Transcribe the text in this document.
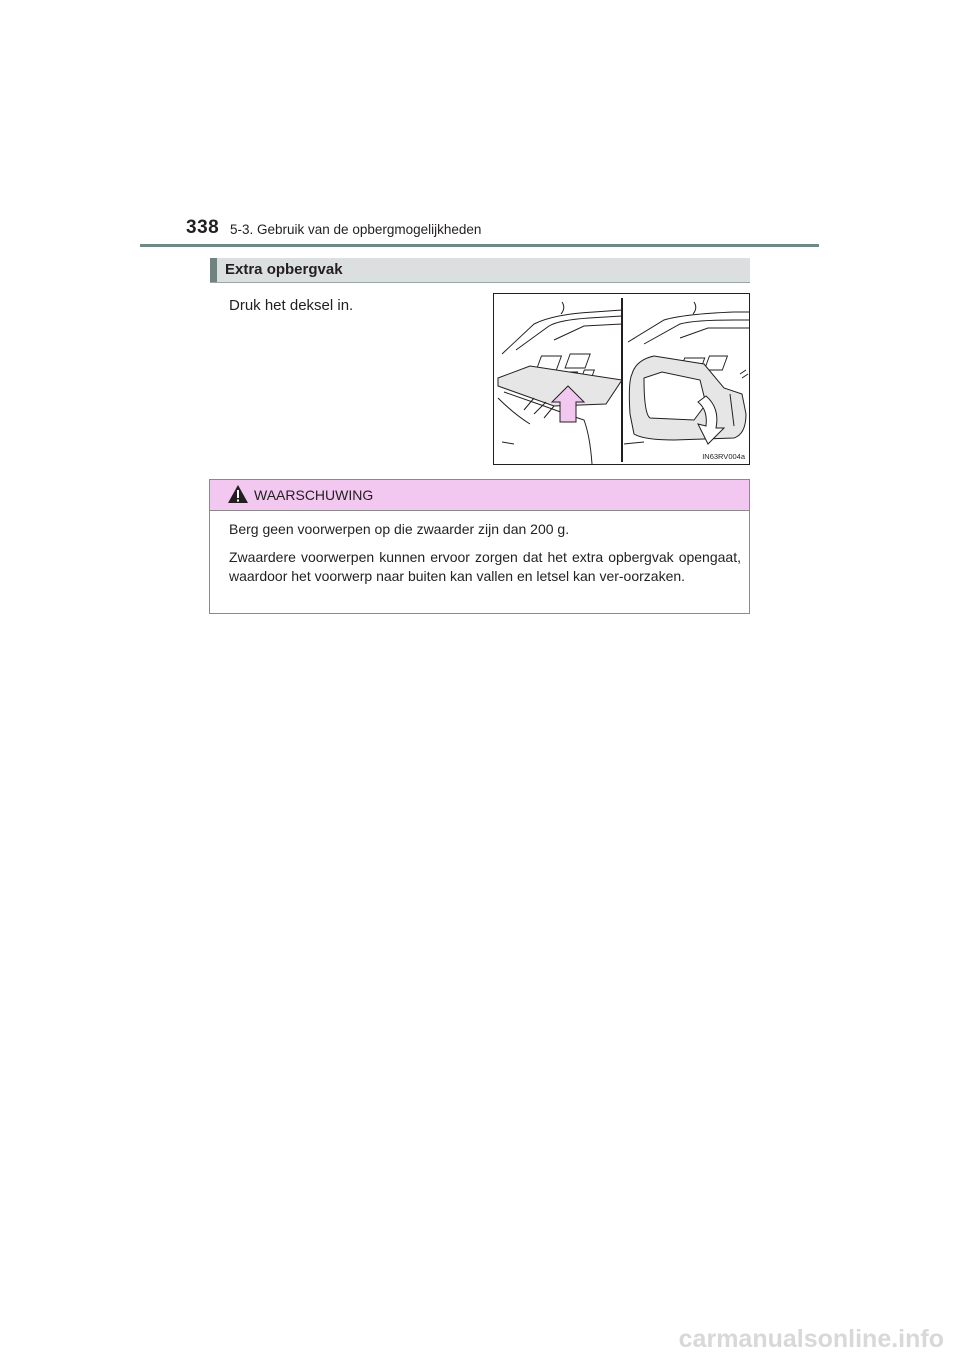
338 5-3. Gebruik van de opbergmogelijkheden
Extra opbergvak
Druk het deksel in.
IN63RV004a
WAARSCHUWING

Berg geen voorwerpen op die zwaarder zijn dan 200 g.

Zwaardere voorwerpen kunnen ervoor zorgen dat het extra opbergvak opengaat, waardoor het voorwerp naar buiten kan vallen en letsel kan ver-oorzaken.

carmanualsonline.info
